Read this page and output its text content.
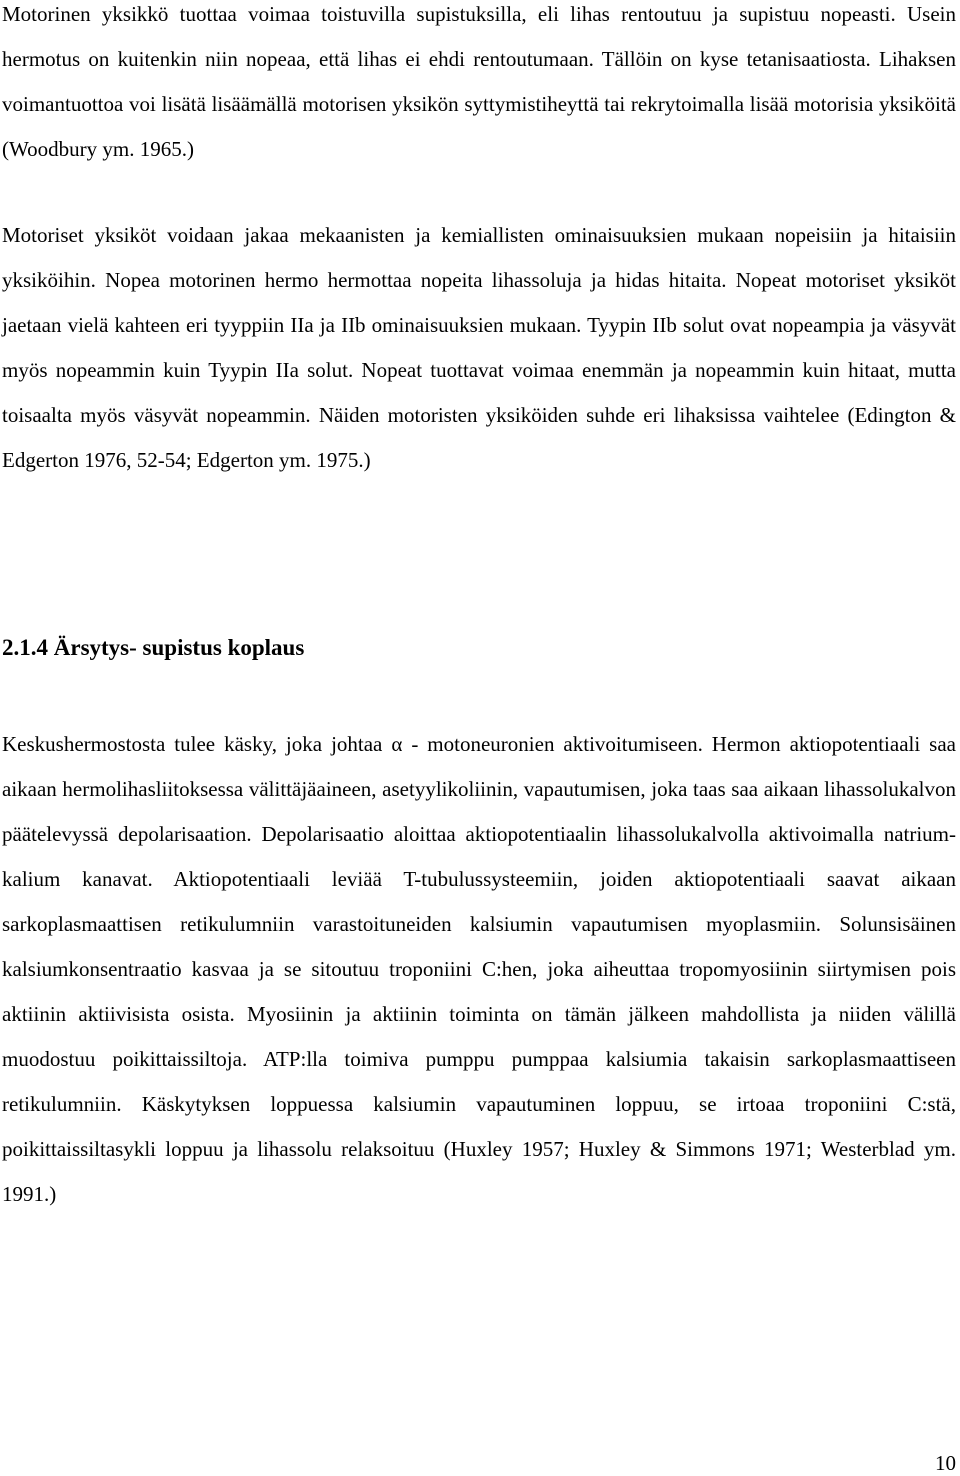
Motorinen yksikkö tuottaa voimaa toistuvilla supistuksilla, eli lihas rentoutuu ja supistuu nopeasti. Usein hermotus on kuitenkin niin nopeaa, että lihas ei ehdi rentoutumaan. Tällöin on kyse tetanisaatiosta. Lihaksen voimantuottoa voi lisätä lisäämällä motorisen yksikön syttymistiheyttä tai rekrytoimalla lisää motorisia yksiköitä (Woodbury ym. 1965.)

Motoriset yksiköt voidaan jakaa mekaanisten ja kemiallisten ominaisuuksien mukaan nopeisiin ja hitaisiin yksiköihin. Nopea motorinen hermo hermottaa nopeita lihassoluja ja hidas hitaita. Nopeat motoriset yksiköt jaetaan vielä kahteen eri tyyppiin IIa ja IIb ominaisuuksien mukaan. Tyypin IIb solut ovat nopeampia ja väsyvät myös nopeammin kuin Tyypin IIa solut. Nopeat tuottavat voimaa enemmän ja nopeammin kuin hitaat, mutta toisaalta myös väsyvät nopeammin. Näiden motoristen yksiköiden suhde eri lihaksissa vaihtelee (Edington & Edgerton 1976, 52-54; Edgerton ym. 1975.)

2.1.4 Ärsytys- supistus koplaus

Keskushermostosta tulee käsky, joka johtaa α - motoneuronien aktivoitumiseen. Hermon aktiopotentiaali saa aikaan hermolihasliitoksessa välittäjäaineen, asetyylikoliinin, vapautumisen, joka taas saa aikaan lihassolukalvon päätelevyssä depolarisaation. Depolarisaatio aloittaa aktiopotentiaalin lihassolukalvolla aktivoimalla natrium-kalium kanavat. Aktiopotentiaali leviää T-tubulussysteemiin, joiden aktiopotentiaali saavat aikaan sarkoplasmaattisen retikulumniin varastoituneiden kalsiumin vapautumisen myoplasmiin. Solunsisäinen kalsiumkonsentraatio kasvaa ja se sitoutuu troponiini C:hen, joka aiheuttaa tropomyosiinin siirtymisen pois aktiinin aktiivisista osista. Myosiinin ja aktiinin toiminta on tämän jälkeen mahdollista ja niiden välillä muodostuu poikittaissiltoja. ATP:lla toimiva pumppu pumppaa kalsiumia takaisin sarkoplasmaattiseen retikulumniin. Käskytyksen loppuessa kalsiumin vapautuminen loppuu, se irtoaa troponiini C:stä, poikittaissiltasykli loppuu ja lihassolu relaksoituu (Huxley 1957; Huxley & Simmons 1971; Westerblad ym. 1991.)

10
